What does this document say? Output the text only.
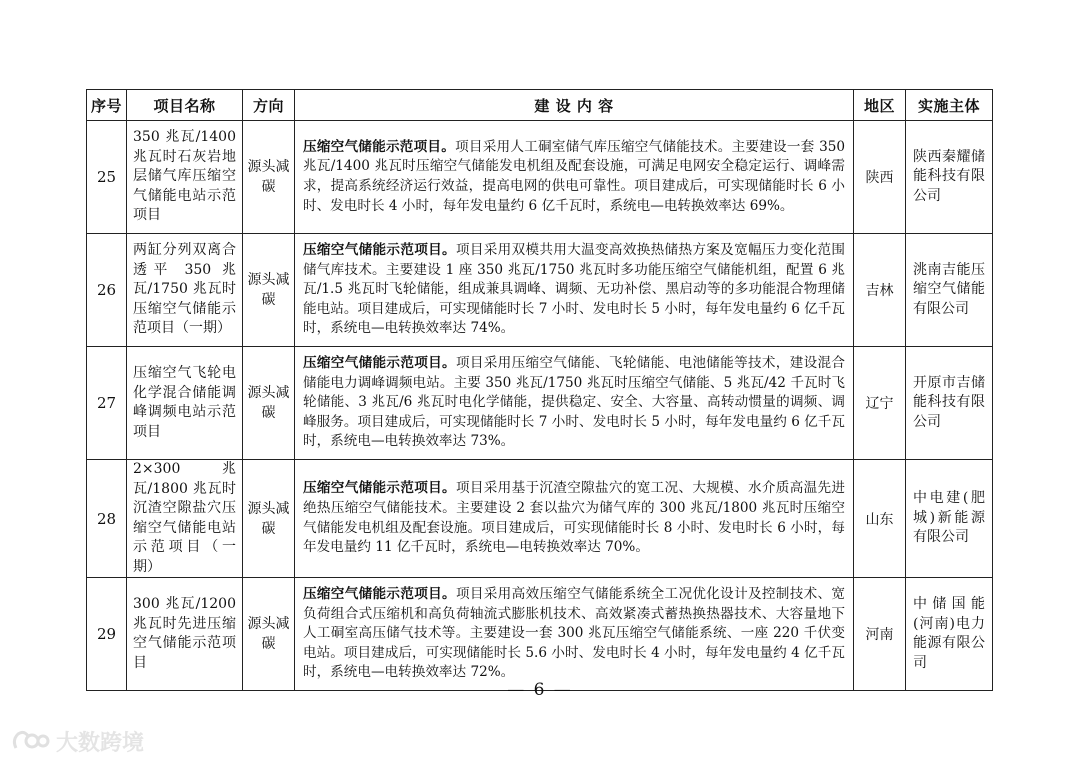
序号	项目名称	方向	建 设 内 容	地区	实施主体
25	350 兆瓦/1400 兆瓦时石灰岩地层储气库压缩空气储能电站示范项目	源头减碳	压缩空气储能示范项目。项目采用人工硐室储气库压缩空气储能技术。主要建设一套 350 兆瓦/1400 兆瓦时压缩空气储能发电机组及配套设施，可满足电网安全稳定运行、调峰需求，提高系统经济运行效益，提高电网的供电可靠性。项目建成后，可实现储能时长 6 小时、发电时长 4 小时，每年发电量约 6 亿千瓦时，系统电—电转换效率达 69%。	陕西	陕西秦耀储能科技有限公司
26	两缸分列双离合透平 350 兆瓦/1750 兆瓦时压缩空气储能示范项目（一期）	源头减碳	压缩空气储能示范项目。项目采用双模共用大温变高效换热储热方案及宽幅压力变化范围储气库技术。主要建设 1 座 350 兆瓦/1750 兆瓦时多功能压缩空气储能机组，配置 6 兆瓦/1.5 兆瓦时飞轮储能，组成兼具调峰、调频、无功补偿、黑启动等的多功能混合物理储能电站。项目建成后，可实现储能时长 7 小时、发电时长 5 小时，每年发电量约 6 亿千瓦时，系统电—电转换效率达 74%。	吉林	洮南吉能压缩空气储能有限公司
27	压缩空气飞轮电化学混合储能调峰调频电站示范项目	源头减碳	压缩空气储能示范项目。项目采用压缩空气储能、飞轮储能、电池储能等技术，建设混合储能电力调峰调频电站。主要 350 兆瓦/1750 兆瓦时压缩空气储能、5 兆瓦/42 千瓦时飞轮储能、3 兆瓦/6 兆瓦时电化学储能，提供稳定、安全、大容量、高转动惯量的调频、调峰服务。项目建成后，可实现储能时长 7 小时、发电时长 5 小时，每年发电量约 6 亿千瓦时，系统电—电转换效率达 73%。	辽宁	开原市吉储能科技有限公司
28	2×300 兆瓦/1800 兆瓦时沉渣空隙盐穴压缩空气储能电站示范项目（一期）	源头减碳	压缩空气储能示范项目。项目采用基于沉渣空隙盐穴的宽工况、大规模、水介质高温先进绝热压缩空气储能技术。主要建设 2 套以盐穴为储气库的 300 兆瓦/1800 兆瓦时压缩空气储能发电机组及配套设施。项目建成后，可实现储能时长 8 小时、发电时长 6 小时，每年发电量约 11 亿千瓦时，系统电—电转换效率达 70%。	山东	中电建(肥城)新能源有限公司
29	300 兆瓦/1200 兆瓦时先进压缩空气储能示范项目	源头减碳	压缩空气储能示范项目。项目采用高效压缩空气储能系统全工况优化设计及控制技术、宽负荷组合式压缩机和高负荷轴流式膨胀机技术、高效紧凑式蓄热换热器技术、大容量地下人工硐室高压储气技术等。主要建设一套 300 兆瓦压缩空气储能系统、一座 220 千伏变电站。项目建成后，可实现储能时长 5.6 小时、发电时长 4 小时，每年发电量约 4 亿千瓦时，系统电—电转换效率达 72%。	河南	中储国能(河南)电力能源有限公司
— 6 —
大数跨境
